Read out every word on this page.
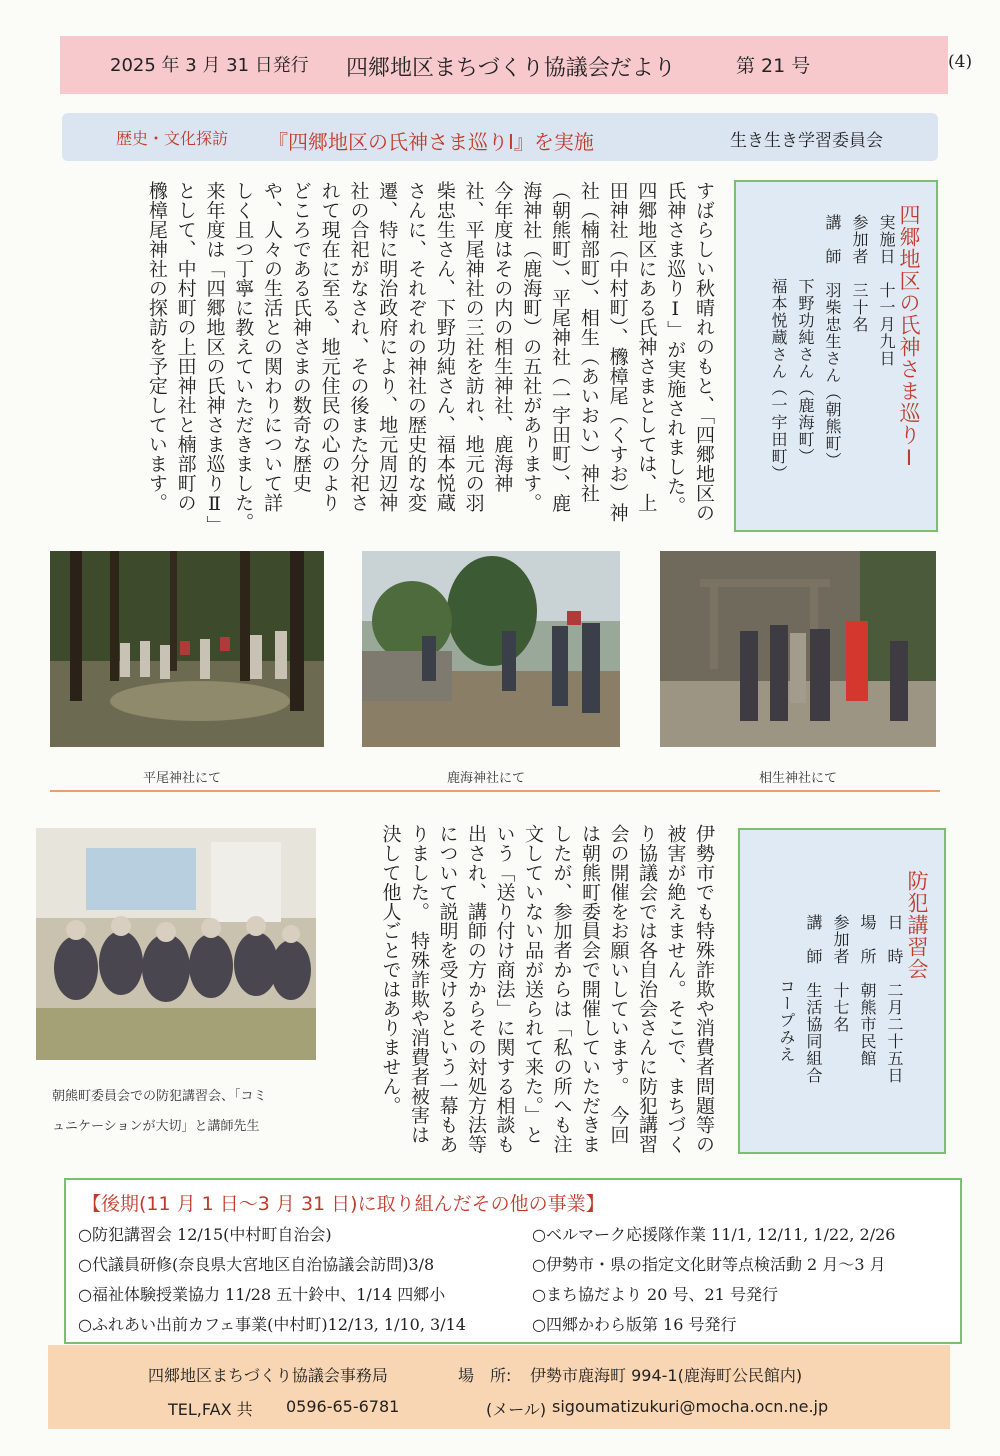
2025 年 3 月 31 日発行 四郷地区まちづくり協議会だより	第 21 号	(4)
歴史・文化探訪 『四郷地区の氏神さま巡りⅠ』を実施	生き生き学習委員会
四郷地区の氏神さま巡りⅠ
実施日　十一月九日
参加者　三十名
講　師　羽柴忠生さん（朝熊町）
下野功純さん（鹿海町）
福本悦蔵さん（一宇田町）
すばらしい秋晴れのもと、「四郷地区の氏神さま巡りⅠ」が実施されました。四郷地区にある氏神さまとしては、上田神社（中村町）、櫲樟尾（くすお）神社（楠部町）、相生（あいおい）神社（朝熊町）、平尾神社（一宇田町）、鹿海神社（鹿海町）の五社があります。　今年度はその内の相生神社、鹿海神社、平尾神社の三社を訪れ、地元の羽柴忠生さん、下野功純さん、福本悦蔵さんに、それぞれの神社の歴史的な変遷、特に明治政府により、地元周辺神社の合祀がなされ、その後また分祀されて現在に至る、地元住民の心のよりどころである氏神さまの数奇な歴史や、人々の生活との関わりについて詳しく且つ丁寧に教えていただきました。　来年度は「四郷地区の氏神さま巡りⅡ」として、中村町の上田神社と楠部町の櫲樟尾神社の探訪を予定しています。
平尾神社にて	鹿海神社にて	相生神社にて
防犯講習会
日　時　二月二十五日
場　所　朝熊市民館
参加者　十七名
講　師　生活協同組合
コープみえ
伊勢市でも特殊詐欺や消費者問題等の被害が絶えません。そこで、まちづくり協議会では各自治会さんに防犯講習会の開催をお願いしています。　今回は朝熊町委員会で開催していただきましたが、参加者からは「私の所へも注文していない品が送られて来た。」という「送り付け商法」に関する相談も出され、講師の方からその対処方法等について説明を受けるという一幕もありました。　特殊詐欺や消費者被害は決して他人ごとではありません。
朝熊町委員会での防犯講習会、「コミ
ュニケーションが大切」と講師先生
【後期(11 月 1 日～3 月 31 日)に取り組んだその他の事業】
○防犯講習会 12/15(中村町自治会)
○代議員研修(奈良県大宮地区自治協議会訪問)3/8
○福祉体験授業協力 11/28 五十鈴中、1/14 四郷小
○ふれあい出前カフェ事業(中村町)12/13, 1/10, 3/14
○ベルマーク応援隊作業 11/1, 12/11, 1/22, 2/26
○伊勢市・県の指定文化財等点検活動 2 月～3 月
○まち協だより 20 号、21 号発行
○四郷かわら版第 16 号発行
四郷地区まちづくり協議会事務局	場　所: 伊勢市鹿海町 994-1(鹿海町公民館内)
TEL,FAX 共 0596-65-6781	(メール) sigoumatizukuri@mocha.ocn.ne.jp
